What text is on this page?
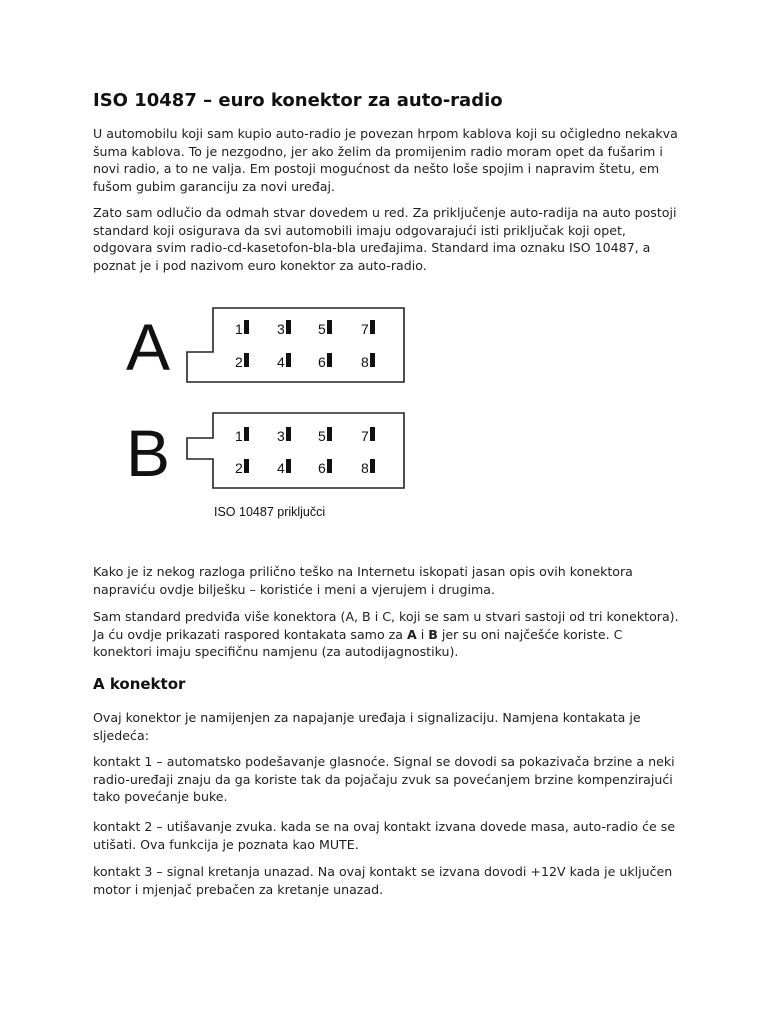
ISO 10487 – euro konektor za auto-radio

U automobilu koji sam kupio auto-radio je povezan hrpom kablova koji su očigledno nekakva šuma kablova. To je nezgodno, jer ako želim da promijenim radio moram opet da fušarim i novi radio, a to ne valja. Em postoji mogućnost da nešto loše spojim i napravim štetu, em fušom gubim garanciju za novi uređaj.

Zato sam odlučio da odmah stvar dovedem u red. Za priključenje auto-radija na auto postoji standard koji osigurava da svi automobili imaju odgovarajući isti priključak koji opet, odgovara svim radio-cd-kasetofon-bla-bla uređajima. Standard ima oznaku ISO 10487, a poznat je i pod nazivom euro konektor za auto-radio.

A	1 3 5	7
2 4 6	8
B	1 3 5	7
2 4 6	8
ISO 10487 priključci

Kako je iz nekog razloga prilično teško na Internetu iskopati jasan opis ovih konektora napraviću ovdje bilješku – koristiće i meni a vjerujem i drugima.

Sam standard predviđa više konektora (A, B i C, koji se sam u stvari sastoji od tri konektora). Ja ću ovdje prikazati raspored kontakata samo za A i B jer su oni najčešće koriste. C konektori imaju specifičnu namjenu (za autodijagnostiku).

A konektor

Ovaj konektor je namijenjen za napajanje uređaja i signalizaciju. Namjena kontakata je sljedeća:

kontakt 1 – automatsko podešavanje glasnoće. Signal se dovodi sa pokazivača brzine a neki radio-uređaji znaju da ga koriste tak da pojačaju zvuk sa povećanjem brzine kompenzirajući tako povećanje buke.

kontakt 2 – utišavanje zvuka. kada se na ovaj kontakt izvana dovede masa, auto-radio će se utišati. Ova funkcija je poznata kao MUTE.

kontakt 3 – signal kretanja unazad. Na ovaj kontakt se izvana dovodi +12V kada je uključen motor i mjenjač prebačen za kretanje unazad.
